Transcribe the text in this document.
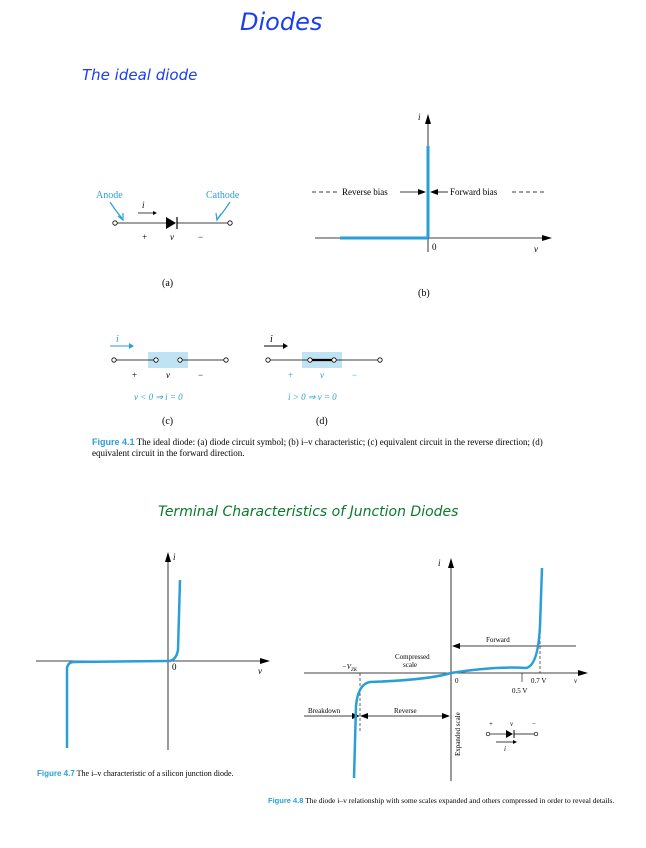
Diodes
The ideal diode
Anode	Cathode
i
+	v	−
(a)
i
Reverse bias	Forward bias
0	v
(b)
i
+	v	−
v < 0 ⇒ i = 0
(c)
i
+	v	−
i > 0 ⇒ v = 0
(d)
Figure 4.1 The ideal diode: (a) diode circuit symbol; (b) i–v characteristic; (c) equivalent circuit in the reverse direction; (d) equivalent circuit in the forward direction.
Terminal Characteristics of Junction Diodes
i
0	v
Figure 4.7 The i–v characteristic of a silicon junction diode.
i
Forward
Compressed
scale
$-V_{ZK}$
0	0.7 V	v
0.5 V
Breakdown	Reverse
Expanded scale	+ v	−
i
Figure 4.8 The diode i–v relationship with some scales expanded and others compressed in order to reveal details.
